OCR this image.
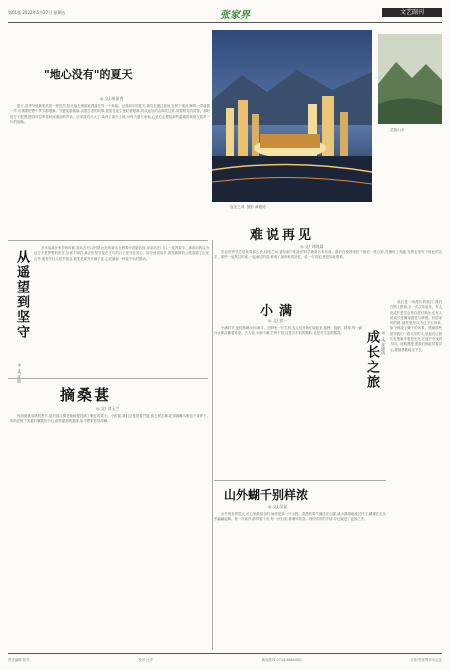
第01版 2022年5月27日 星期五	张家界	文艺副刊
"地心没有"的夏天
◎ 文/ 胡嘉秀
夏天,是季节里最明亮的一种热烈,阳光毫无保留地洒落在每一个角落。记得那年的夏天,我们在溪边捉鱼,在树下乘凉,蝉鸣一声接着一声,仿佛要把整个季节都唱满。外婆摇着蒲扇,讲着古老的故事,星星在夜空里眨着眼睛,风从远处的山岗吹过来,带着稻花的清香。那时的日子很慢,慢得可以听见时间流淌的声音。后来我们长大了,离开了那片土地,可每当夏天来临,心里总会想起那些温暖的黄昏与蛙声一片的夜晚。
夜光之城 摄影 黄雅婷
武陵山水
难说再见
◎ 文/ 刘晓嵩
毕业的季节总是来得那么快,转眼之间,曾经朝夕相处的同学就要各奔东西。我们在校园里拍下最后一张合影,在操场上奔跑,在教室里写下彼此的名字。那些一起熬过的夜,一起流过的泪,都成了最珍贵的回忆。说一句再见,竟是如此艰难。
从遥望到坚守
◎ 文/ 张晓
多年前离开家乡的时候,我站在村口回望,远处的青山在晨雾中若隐若现,母亲站在门口,一直挥着手。那时的我以为远方才是梦想的所在,后来才明白,真正的坚守是在平凡的日子里守住初心。如今回到故乡,看见新修的公路连通了山里山外,看见年轻人回乡创业,看见老屋旁开满了花,心里涌起一种说不出的感动。
摘桑葚
◎ 文/ 刘玉兰
每到桑葚成熟的季节,屋后那几棵老桑树便挂满了紫红的果子。小时候,我们总是提着竹篮,爬上树去摘,吃得满嘴乌紫也不肯停下。奶奶在树下笑着叮嘱我们小心,那些甜甜的滋味,如今想来依然清晰。
小满
◎ 文/ 彭一
小满时节,麦粒渐满,雨水渐丰。田野里一片生机,农人们开始忙碌起来,插秧、施肥、除草,每一滴汗水都浇灌着希望。古人说,小满不满,芒种不管,这是对丰收的期盼,也是对生活的敬畏。	成长之旅 ◎ 文/ 张晓萌
成长是一场漫长的旅行,我们在路上跌倒,又一次次站起来。有人说成长是学会独自面对风雨,也有人说成长是懂得感恩与珍惜。回望来时的路,那些曾经以为过不去的坎,如今都成了脚下的风景。感谢那些陪伴我们一路走来的人,是他们让我们在黑暗中看见光亮,在迷茫中找到方向。前路漫漫,愿我们都能带着初心,继续勇敢地走下去。
山外蝴千别样浓
◎ 文/ 吴显
山外的世界很大,可心里最惦念的,始终是那一片山野。清晨的雾气缠绕在山腰,溪水潺潺地流过村庄,蝴蝶在花丛中翩翩起舞。每一次离开,都带着不舍;每一次归来,都满怀欣喜。那份浓浓的乡情,早已融进了血脉之中。
责任编辑 张芳	校对 汪洋	新闻热线 0744-8880000	社址:张家界市永定区
